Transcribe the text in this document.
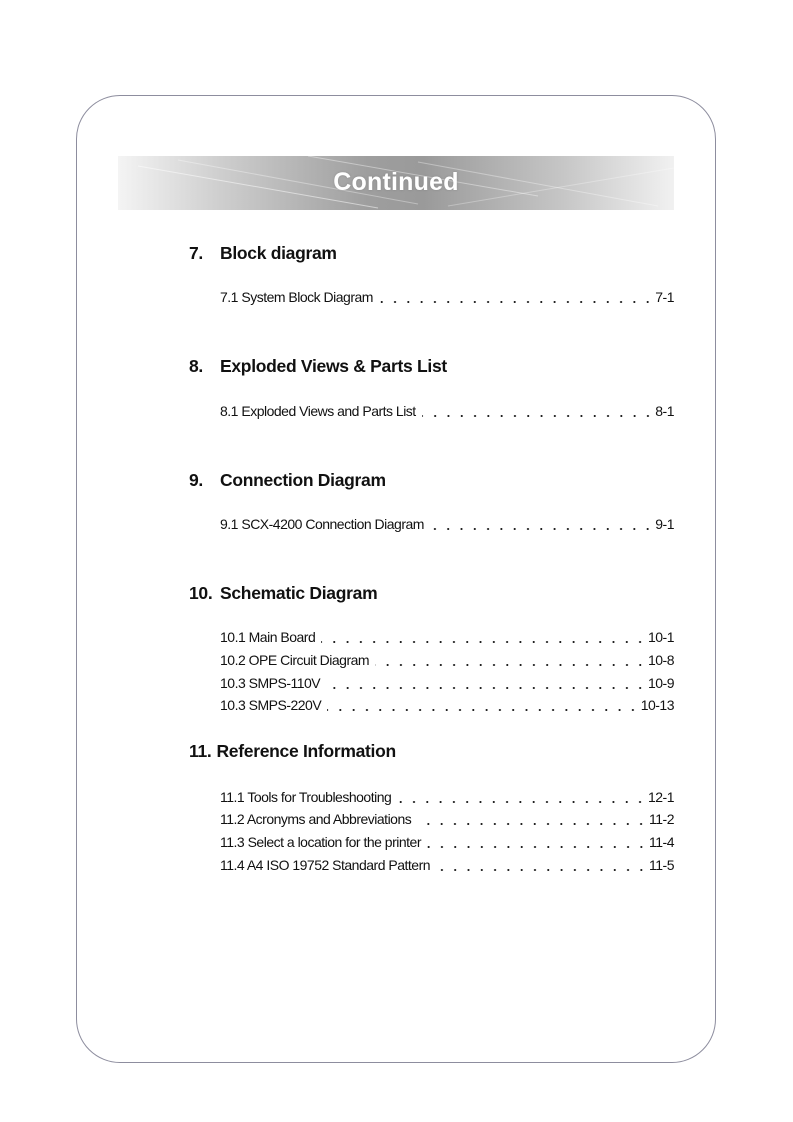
Continued
7. Block diagram
7.1 System Block Diagram	7-1
8. Exploded Views & Parts List
8.1 Exploded Views and Parts List	8-1
9. Connection Diagram
9.1 SCX-4200 Connection Diagram	9-1
10. Schematic Diagram
10.1 Main Board	10-1
10.2 OPE Circuit Diagram	10-8
10.3 SMPS-110V	10-9
10.3 SMPS-220V	10-13
11. Reference Information
11.1 Tools for Troubleshooting	12-1
11.2 Acronyms and Abbreviations	11-2
11.3 Select a location for the printer	11-4
11.4 A4 ISO 19752 Standard Pattern	11-5
